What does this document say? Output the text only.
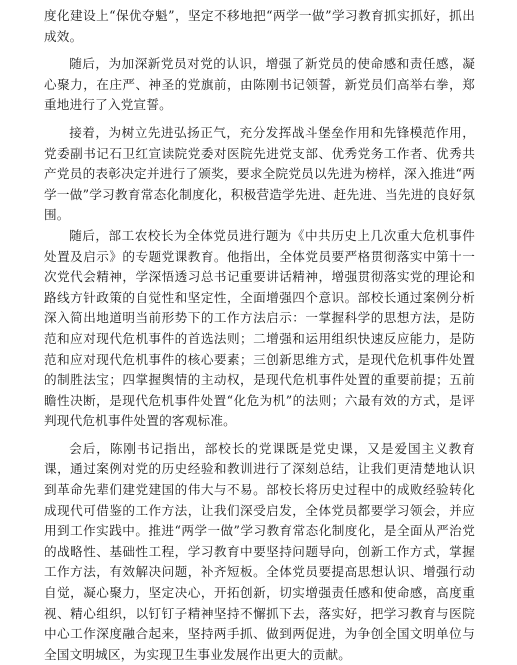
度化建设上“保优夺魁”，坚定不移地把“两学一做”学习教育抓实抓好，抓出成效。

随后，为加深新党员对党的认识，增强了新党员的使命感和责任感，凝心聚力，在庄严、神圣的党旗前，由陈刚书记领誓，新党员们高举右拳，郑重地进行了入党宣誓。

接着，为树立先进弘扬正气，充分发挥战斗堡垒作用和先锋模范作用，党委副书记石卫红宣读院党委对医院先进党支部、优秀党务工作者、优秀共产党员的表彰决定并进行了颁奖，要求全院党员以先进为榜样，深入推进“两学一做”学习教育常态化制度化，积极营造学先进、赶先进、当先进的良好氛围。

随后，部工农校长为全体党员进行题为《中共历史上几次重大危机事件处置及启示》的专题党课教育。他指出，全体党员要严格贯彻落实中第十一次党代会精神，学深悟透习总书记重要讲话精神，增强贯彻落实党的理论和路线方针政策的自觉性和坚定性，全面增强四个意识。部校长通过案例分析深入简出地道明当前形势下的工作方法启示：一掌握科学的思想方法，是防范和应对现代危机事件的首选法则；二增强和运用组织快速反应能力，是防范和应对现代危机事件的核心要素；三创新思维方式，是现代危机事件处置的制胜法宝；四掌握舆情的主动权，是现代危机事件处置的重要前提；五前瞻性决断，是现代危机事件处置“化危为机”的法则；六最有效的方式，是评判现代危机事件处置的客观标准。

会后，陈刚书记指出，部校长的党课既是党史课，又是爱国主义教育课，通过案例对党的历史经验和教训进行了深刻总结，让我们更清楚地认识到革命先辈们建党建国的伟大与不易。部校长将历史过程中的成败经验转化成现代可借鉴的工作方法，让我们深受启发，全体党员都要学习领会，并应用到工作实践中。推进“两学一做”学习教育常态化制度化，是全面从严治党的战略性、基础性工程，学习教育中要坚持问题导向，创新工作方式，掌握工作方法，有效解决问题，补齐短板。全体党员要提高思想认识、增强行动自觉，凝心聚力，坚定决心，开拓创新，切实增强责任感和使命感，高度重视、精心组织，以钉钉子精神坚持不懈抓下去，落实好，把学习教育与医院中心工作深度融合起来，坚持两手抓、做到两促进，为争创全国文明单位与全国文明城区，为实现卫生事业发展作出更大的贡献。
